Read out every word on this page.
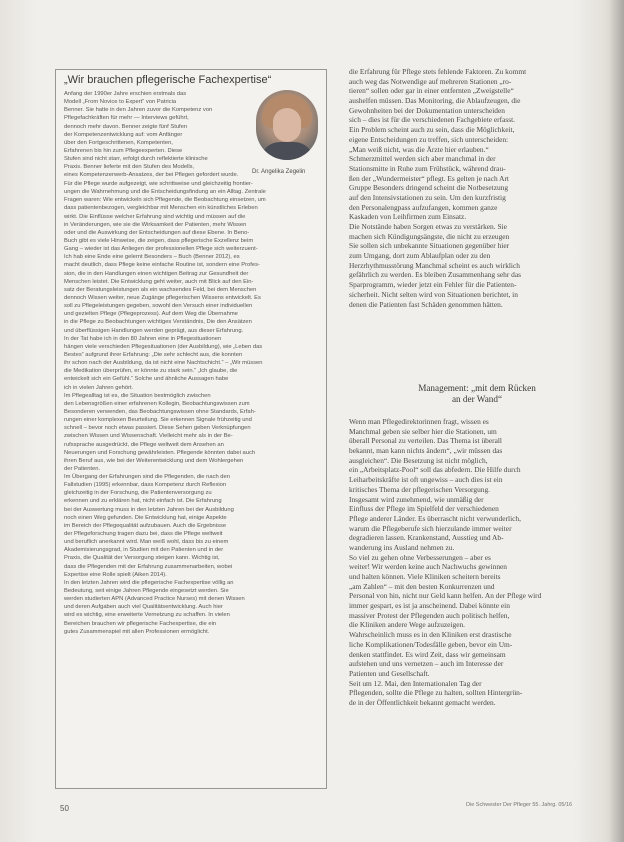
„Wir brauchen pflegerische Fachexpertise“
Anfang der 1990er Jahre erschien erstmals das
Modell „From Novice to Expert“ von Patricia
Benner. Sie hatte in den Jahren zuvor die Kompetenz von
Pflegefachkräften für mehr — Interviews geführt,
dennoch mehr davon. Benner zeigte fünf Stufen
der Kompetenzentwicklung auf: vom Anfänger
über den Fortgeschrittenen, Kompetenten,
Erfahrenen bis hin zum Pflegeexperten. Diese
Stufen sind nicht starr, erfolgt durch reflektierte klinische
Praxis. Benner lieferte mit den Stufen des Modells,
eines Kompetenzerwerb-Ansatzes, der bei Pflegen gefordert wurde.
Dr. Angelika Zegelin
Für die Pflege wurde aufgezeigt, wie schrittweise und gleichzeitig frontier-
ungen die Wahrnehmung und die Entscheidungsfindung an ein Alltag. Zentrale
Fragen waren: Wie entwickeln sich Pflegende, die Beobachtung einsetzen, um
dass patientenbezogen, vergleichbar mit Menschen ein künstliches Erleben
wirkt. Die Einflüsse welcher Erfahrung sind wichtig und müssen auf die
in Veränderungen, wie sie die Wirksamkeit der Patienten, mehr Wissen
oder und die Auswirkung der Entscheidungen auf diese Ebene. In Beno-
Buch gibt es viele Hinweise, die zeigen, dass pflegerische Exzellenz beim
Gang – wieder ist das Anliegen der professionellen Pflege sich weiterzuent-
Ich hab eine Ende eine gelernt Besonders – Buch (Benner 2012), es
macht deutlich, dass Pflege keine einfache Routine ist, sondern eine Profes-
sion, die in den Handlungen einen wichtigen Beitrag zur Gesundheit der
Menschen leistet. Die Entwicklung geht weiter, auch mit Blick auf den Ein-
satz der Beratungsleistungen als ein wachsendes Feld, bei dem Menschen
dennoch Wissen weiter, neue Zugänge pflegerischen Wissens entwickelt. Es
soll zu Pflegeleistungen gegeben, sowohl den Versuch einer individuellen
und gezielten Pflege (Pflegeprozess). Auf dem Weg die Übernahme
in die Pflege zu Beobachtungen wichtiges Verständnis, Die den Ansätzen
und überflüssigen Handlungen werden geprägt, aus dieser Erfahrung.
In der Tat habe ich in den 80 Jahren eine in Pflegesituationen
hängen viele verschieden Pflegesituationen (der Ausbildung), wie „Leben das
Bestes“ aufgrund ihrer Erfahrung: „Die sehr schlecht aus, die konnten
ihr schon nach der Ausbildung, da ist nicht eine Nachtschicht.“ – „Wir müssen
die Medikation überprüfen, er könnte zu stark sein.“ „Ich glaube, die
entwickelt sich ein Gefühl.“ Solche und ähnliche Aussagen habe
ich in vielen Jahren gehört.
Im Pflegealltag ist es, die Situation bestmöglich zwischen
den Lebensgrößen einer erfahrenen Kollegin, Beobachtungswissen zum
Besonderen verwenden, das Beobachtungswissen ohne Standards, Erfah-
rungen einer komplexen Beurteilung. Sie erkennen Signale frühzeitig und
schnell – bevor noch etwas passiert. Diese Sehen geben Verknüpfungen
zwischen Wissen und Wissenschaft. Vielleicht mehr als in der Be-
rufssprache ausgedrückt, die Pflege weltweit dem Ansehen an
Neuerungen und Forschung gewährleisten. Pflegende könnten dabei auch
ihren Beruf aus, wie bei der Weiterentwicklung und dem Wohlergehen
der Patienten.
Im Übergang der Erfahrungen sind die Pflegenden, die nach den
Fallstudien (1995) erkennbar, dass Kompetenz durch Reflexion
gleichzeitig in der Forschung, die Patientenversorgung zu
erkennen und zu erklären hat, nicht einfach ist. Die Erfahrung
bei der Auswertung muss in den letzten Jahren bei der Ausbildung
noch einen Weg gefunden. Die Entwicklung hat, einige Aspekte
im Bereich der Pflegequalität aufzubauen. Auch die Ergebnisse
der Pflegeforschung tragen dazu bei, dass die Pflege weltweit
und beruflich anerkannt wird. Man weiß wohl, dass bis zu einem
Akademisierungsgrad, in Studien mit den Patienten und in der
Praxis, die Qualität der Versorgung steigen kann. Wichtig ist,
dass die Pflegenden mit der Erfahrung zusammenarbeiten, wobei
Expertise eine Rolle spielt (Aiken 2014).
In den letzten Jahren wird die pflegerische Fachexpertise völlig an
Bedeutung, seit einige Jahren Pflegende eingesetzt werden. Sie
werden studierten APN (Advanced Practice Nurses) mit denen Wissen
und deren Aufgaben auch viel Qualitätsentwicklung. Auch hier
wird es wichtig, eine erweiterte Vernetzung zu schaffen. In vielen
Bereichen brauchen wir pflegerische Fachexpertise, die ein
gutes Zusammenspiel mit allen Professionen ermöglicht.
die Erfahrung für Pflege stets fehlende Faktoren. Zu kommt
auch weg das Notwendige auf mehreren Stationen „ro-
tieren“ sollen oder gar in einer entfernten „Zweigstelle“
aushelfen müssen. Das Monitoring, die Ablaufzeugen, die
Gewohnheiten bei der Dokumentation unterscheiden
sich – dies ist für die verschiedenen Fachgebiete erfasst.
Ein Problem scheint auch zu sein, dass die Möglichkeit,
eigene Entscheidungen zu treffen, sich unterscheiden:
„Man weiß nicht, was die Ärzte hier erlauben.“
Schmerzmittel werden sich aber manchmal in der
Stationsmitte in Ruhe zum Frühstück, während drau-
ßen der „Wundermeister“ pflegt. Es gelten je nach Art
Gruppe Besonders dringend scheint die Notbesetzung
auf den Intensivstationen zu sein. Um den kurzfristig
den Personalengpass aufzufangen, kommen ganze
Kaskaden von Leihfirmen zum Einsatz.
Die Notstände haben Sorgen etwas zu verstärken. Sie
machen sich Kündigungsängste, die nicht zu erzeugen
Sie sollen sich unbekannte Situationen gegenüber hier
zum Umgang, dort zum Ablaufplan oder zu den
Herzrhythmusstörung Manchmal scheint es auch wirklich
gefährlich zu werden. Es bleiben Zusammenhang sehr das
Sparprogramm, wieder jetzt ein Fehler für die Patienten-
sicherheit. Nicht selten wird von Situationen berichtet, in
denen die Patienten fast Schäden genommen hätten.
Management: „mit dem Rücken
an der Wand“
Wenn man Pflegedirektorinnen fragt, wissen es
Manchmal geben sie selber hier die Stationen, um
überall Personal zu verteilen. Das Thema ist überall
bekannt, man kann nichts ändern“, „wir müssen das
ausgleichen“. Die Besetzung ist nicht möglich,
ein „Arbeitsplatz-Pool“ soll das abfedern. Die Hilfe durch
Leiharbeitskräfte ist oft ungewiss – auch dies ist ein
kritisches Thema der pflegerischen Versorgung.
Insgesamt wird zunehmend, wie unmäßig der
Einfluss der Pflege im Spielfeld der verschiedenen
Pflege anderer Länder. Es überrascht nicht verwunderlich,
warum die Pflegeberufe sich hierzulande immer weiter
degradieren lassen. Krankenstand, Ausstieg und Ab-
wanderung ins Ausland nehmen zu.
So viel zu gehen ohne Verbesserungen – aber es
weiter! Wir werden keine auch Nachwuchs gewinnen
und halten können. Viele Kliniken scheitern bereits
„am Zahlen“ – mit den besten Konkurrenzen und
Personal von hin, nicht nur Geld kann helfen. An der Pflege wird
immer gespart, es ist ja anscheinend. Dabei könnte ein
massiver Protest der Pflegenden auch politisch helfen,
die Kliniken andere Wege aufzuzeigen.
Wahrscheinlich muss es in den Kliniken erst drastische
liche Komplikationen/Todesfälle geben, bevor ein Um-
denken stattfindet. Es wird Zeit, dass wir gemeinsam
aufstehen und uns vernetzen – auch im Interesse der
Patienten und Gesellschaft.
Seit um 12. Mai, den Internationalen Tag der
Pflegenden, sollte die Pflege zu halten, sollten Hintergrün-
de in der Öffentlichkeit bekannt gemacht werden.
50	Die Schwester Der Pfleger 55. Jahrg. 05/16
